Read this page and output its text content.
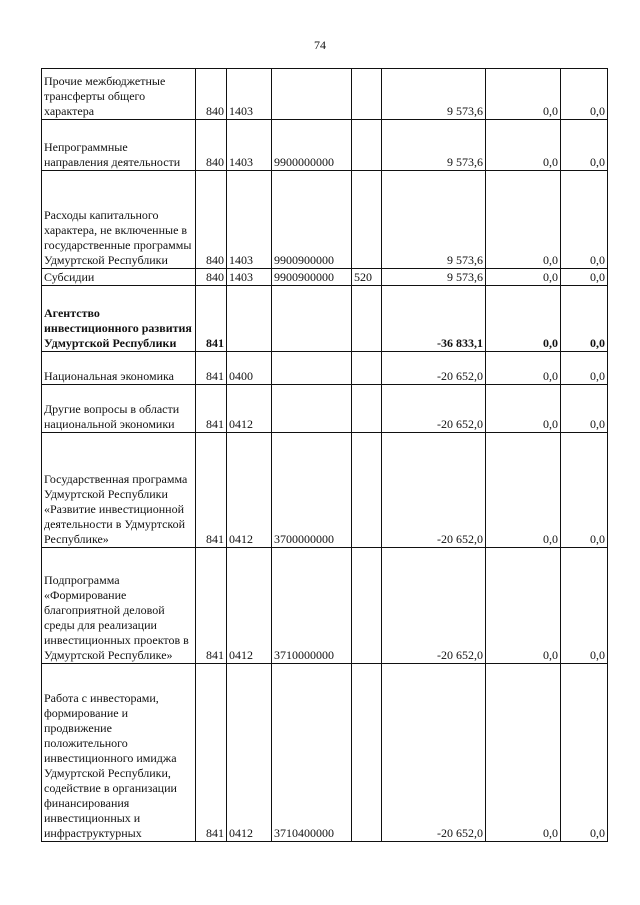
74
Прочие межбюджетные трансферты общего характера	840	1403			9 573,6	0,0	0,0
Непрограммные направления деятельности	840	1403	9900000000		9 573,6	0,0	0,0
Расходы капитального характера, не включенные в государственные программы Удмуртской Республики	840	1403	9900900000		9 573,6	0,0	0,0
Субсидии	840	1403	9900900000	520	9 573,6	0,0	0,0
Агентство инвестиционного развития Удмуртской Республики	841				-36 833,1	0,0	0,0
Национальная экономика	841	0400			-20 652,0	0,0	0,0
Другие вопросы в области национальной экономики	841	0412			-20 652,0	0,0	0,0
Государственная программа Удмуртской Республики «Развитие инвестиционной деятельности в Удмуртской Республике»	841	0412	3700000000		-20 652,0	0,0	0,0
Подпрограмма «Формирование благоприятной деловой среды для реализации инвестиционных проектов в Удмуртской Республике»	841	0412	3710000000		-20 652,0	0,0	0,0
Работа с инвесторами, формирование и продвижение положительного инвестиционного имиджа Удмуртской Республики, содействие в организации финансирования инвестиционных и инфраструктурных	841	0412	3710400000		-20 652,0	0,0	0,0
